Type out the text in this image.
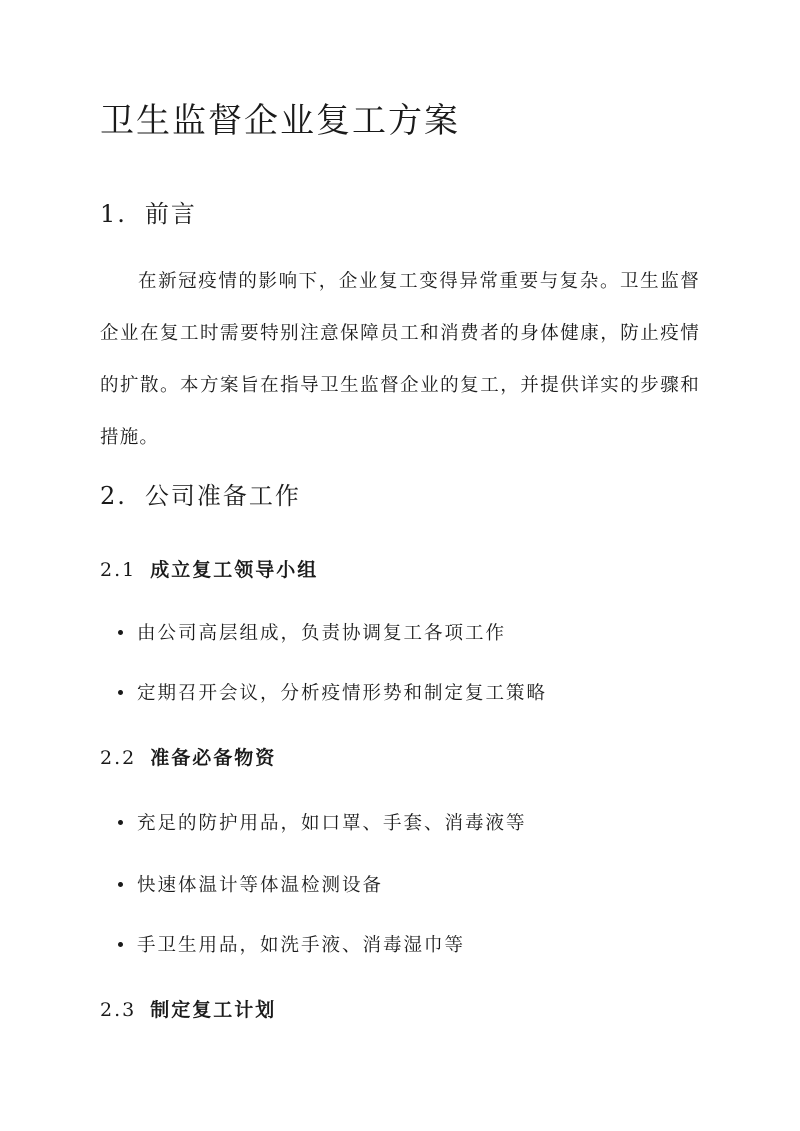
卫生监督企业复工方案
1. 前言

在新冠疫情的影响下，企业复工变得异常重要与复杂。卫生监督企业在复工时需要特别注意保障员工和消费者的身体健康，防止疫情的扩散。本方案旨在指导卫生监督企业的复工，并提供详实的步骤和措施。

2. 公司准备工作
2.1 成立复工领导小组

由公司高层组成，负责协调复工各项工作

定期召开会议，分析疫情形势和制定复工策略

2.2 准备必备物资

充足的防护用品，如口罩、手套、消毒液等

快速体温计等体温检测设备

手卫生用品，如洗手液、消毒湿巾等

2.3 制定复工计划
